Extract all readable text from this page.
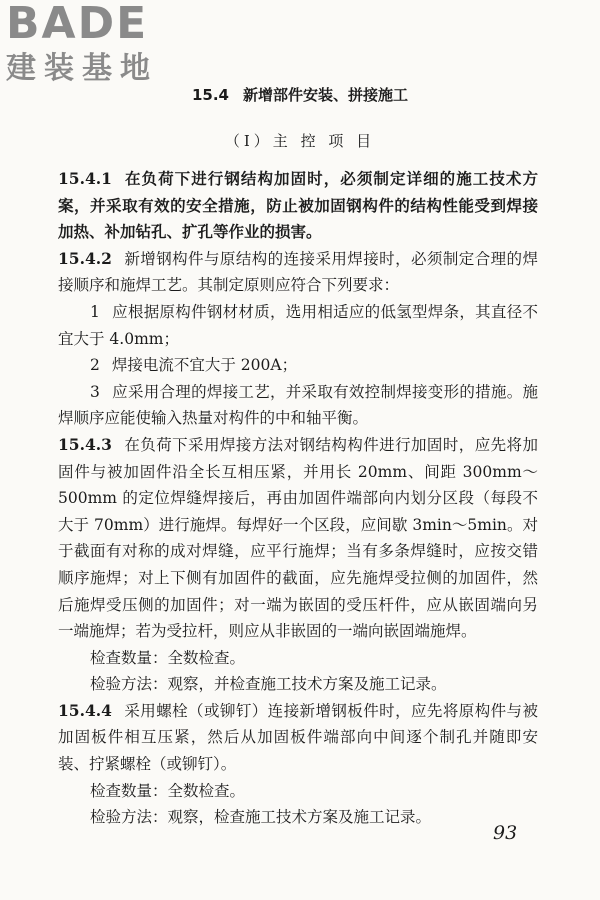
BADE
建装基地
15.4 新增部件安装、拼接施工
（Ⅰ）主 控 项 目

15.4.1 在负荷下进行钢结构加固时，必须制定详细的施工技术方案，并采取有效的安全措施，防止被加固钢构件的结构性能受到焊接加热、补加钻孔、扩孔等作业的损害。

15.4.2 新增钢构件与原结构的连接采用焊接时，必须制定合理的焊接顺序和施焊工艺。其制定原则应符合下列要求：

1 应根据原构件钢材材质，选用相适应的低氢型焊条，其直径不宜大于 4.0mm；

2 焊接电流不宜大于 200A；

3 应采用合理的焊接工艺，并采取有效控制焊接变形的措施。施焊顺序应能使输入热量对构件的中和轴平衡。

15.4.3 在负荷下采用焊接方法对钢结构构件进行加固时，应先将加固件与被加固件沿全长互相压紧，并用长 20mm、间距 300mm～500mm 的定位焊缝焊接后，再由加固件端部向内划分区段（每段不大于 70mm）进行施焊。每焊好一个区段，应间歇 3min～5min。对于截面有对称的成对焊缝，应平行施焊；当有多条焊缝时，应按交错顺序施焊；对上下侧有加固件的截面，应先施焊受拉侧的加固件，然后施焊受压侧的加固件；对一端为嵌固的受压杆件，应从嵌固端向另一端施焊；若为受拉杆，则应从非嵌固的一端向嵌固端施焊。

检查数量：全数检查。

检验方法：观察，并检查施工技术方案及施工记录。

15.4.4 采用螺栓（或铆钉）连接新增钢板件时，应先将原构件与被加固板件相互压紧，然后从加固板件端部向中间逐个制孔并随即安装、拧紧螺栓（或铆钉）。

检查数量：全数检查。

检验方法：观察，检查施工技术方案及施工记录。

93
